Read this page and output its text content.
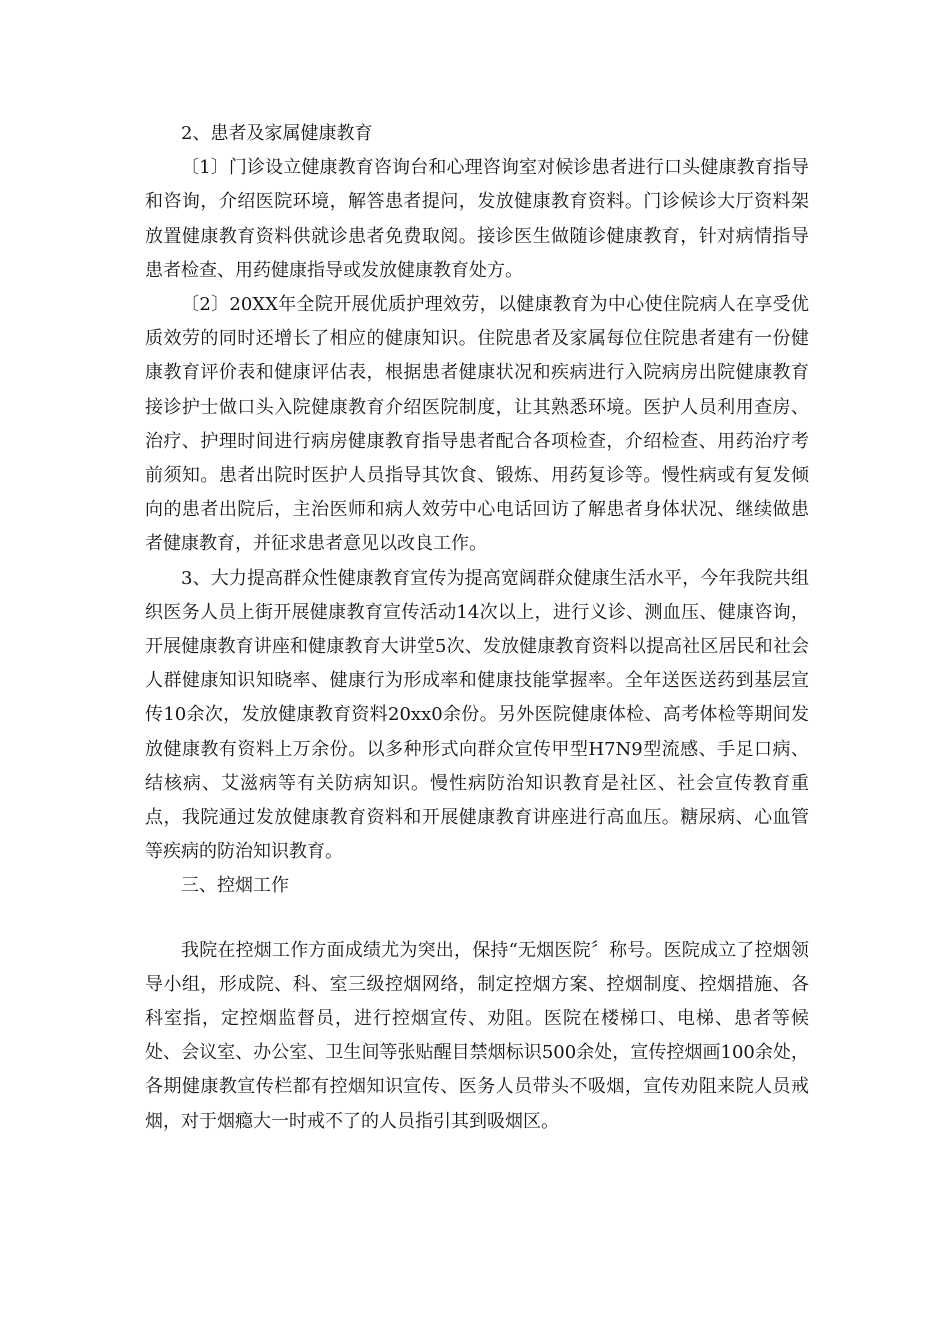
2、患者及家属健康教育

〔1〕门诊设立健康教育咨询台和心理咨询室对候诊患者进行口头健康教育指导和咨询，介绍医院环境，解答患者提问，发放健康教育资料。门诊候诊大厅资料架放置健康教育资料供就诊患者免费取阅。接诊医生做随诊健康教育，针对病情指导患者检查、用药健康指导或发放健康教育处方。

〔2〕20XX年全院开展优质护理效劳，以健康教育为中心使住院病人在享受优质效劳的同时还增长了相应的健康知识。住院患者及家属每位住院患者建有一份健康教育评价表和健康评估表，根据患者健康状况和疾病进行入院病房出院健康教育接诊护士做口头入院健康教育介绍医院制度，让其熟悉环境。医护人员利用查房、治疗、护理时间进行病房健康教育指导患者配合各项检查，介绍检查、用药治疗考前须知。患者出院时医护人员指导其饮食、锻炼、用药复诊等。慢性病或有复发倾向的患者出院后，主治医师和病人效劳中心电话回访了解患者身体状况、继续做患者健康教育，并征求患者意见以改良工作。

3、大力提高群众性健康教育宣传为提高宽阔群众健康生活水平，今年我院共组织医务人员上街开展健康教育宣传活动14次以上，进行义诊、测血压、健康咨询，开展健康教育讲座和健康教育大讲堂5次、发放健康教育资料以提高社区居民和社会人群健康知识知晓率、健康行为形成率和健康技能掌握率。全年送医送药到基层宣传10余次，发放健康教育资料20xx0余份。另外医院健康体检、高考体检等期间发放健康教有资料上万余份。以多种形式向群众宣传甲型H7N9型流感、手足口病、结核病、艾滋病等有关防病知识。慢性病防治知识教育是社区、社会宣传教育重点，我院通过发放健康教育资料和开展健康教育讲座进行高血压。糖尿病、心血管等疾病的防治知识教育。

三、控烟工作

我院在控烟工作方面成绩尤为突出，保持“无烟医院〞称号。医院成立了控烟领导小组，形成院、科、室三级控烟网络，制定控烟方案、控烟制度、控烟措施、各科室指，定控烟监督员，进行控烟宣传、劝阻。医院在楼梯口、电梯、患者等候处、会议室、办公室、卫生间等张贴醒目禁烟标识500余处，宣传控烟画100余处，各期健康教宣传栏都有控烟知识宣传、医务人员带头不吸烟，宣传劝阻来院人员戒烟，对于烟瘾大一时戒不了的人员指引其到吸烟区。
